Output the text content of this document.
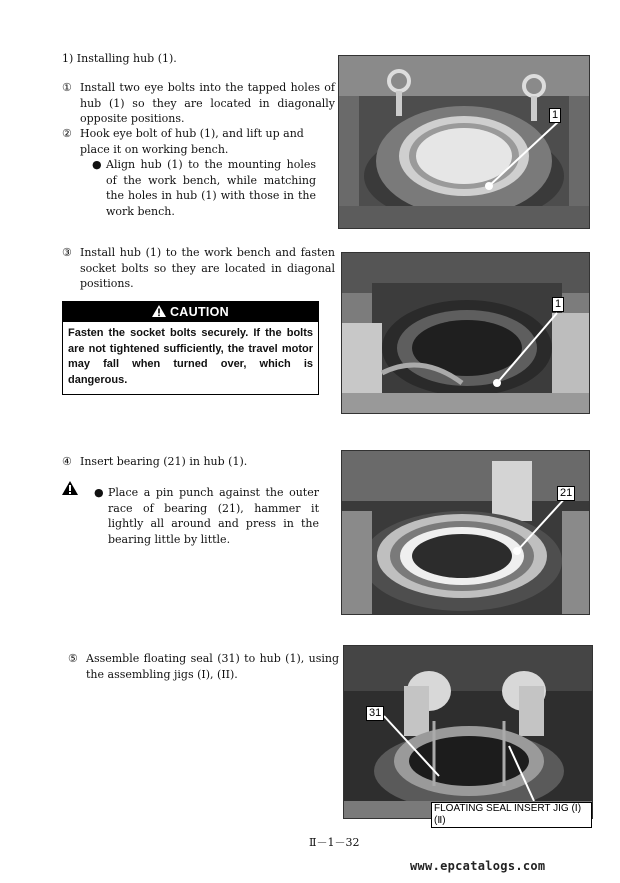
1) Installing hub (1).
① Install two eye bolts into the tapped holes of hub (1) so they are located in diagonally opposite positions.
② Hook eye bolt of hub (1), and lift up and place it on working bench.
● Align hub (1) to the mounting holes of the work bench, while matching the holes in hub (1) with those in the work bench.
1
③ Install hub (1) to the work bench and fasten socket bolts so they are located in diagonal positions.
CAUTION
Fasten the socket bolts securely. If the bolts are not tightened sufficiently, the travel motor may fall when turned over, which is dangerous.
1
④ Insert bearing (21) in hub (1).
● Place a pin punch against the outer race of bearing (21), hammer it lightly all around and press in the bearing little by little.
21
⑤ Assemble floating seal (31) to hub (1), using the assembling jigs (I), (II).
31
FLOATING SEAL INSERT JIG (Ⅰ) (Ⅱ)
Ⅱ－1－32
www.epcatalogs.com
